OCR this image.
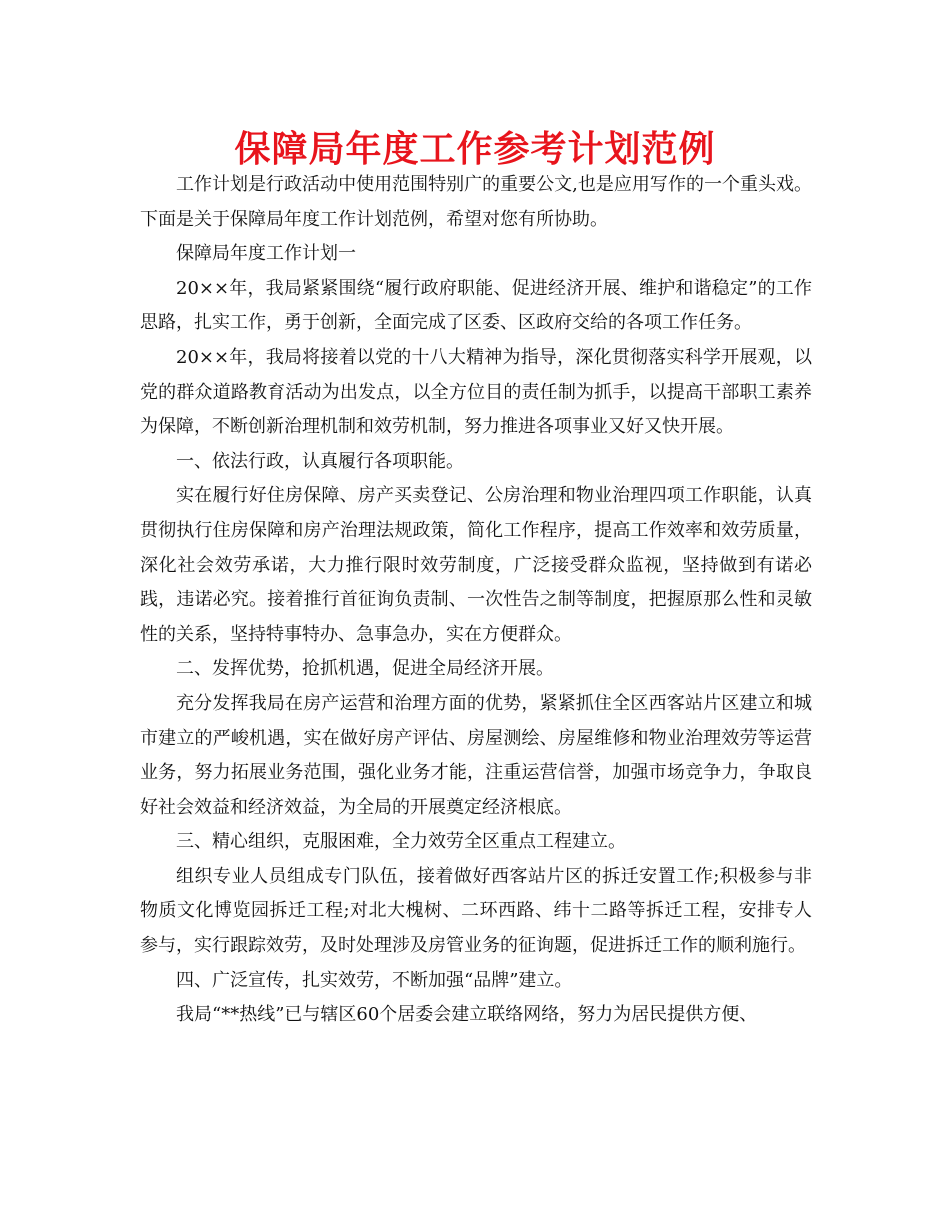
保障局年度工作参考计划范例

工作计划是行政活动中使用范围特别广的重要公文,也是应用写作的一个重头戏。下面是关于保障局年度工作计划范例，希望对您有所协助。

保障局年度工作计划一

20××年，我局紧紧围绕“履行政府职能、促进经济开展、维护和谐稳定”的工作思路，扎实工作，勇于创新，全面完成了区委、区政府交给的各项工作任务。

20××年，我局将接着以党的十八大精神为指导，深化贯彻落实科学开展观，以党的群众道路教育活动为出发点，以全方位目的责任制为抓手，以提高干部职工素养为保障，不断创新治理机制和效劳机制，努力推进各项事业又好又快开展。

一、依法行政，认真履行各项职能。

实在履行好住房保障、房产买卖登记、公房治理和物业治理四项工作职能，认真贯彻执行住房保障和房产治理法规政策，简化工作程序，提高工作效率和效劳质量，深化社会效劳承诺，大力推行限时效劳制度，广泛接受群众监视，坚持做到有诺必践，违诺必究。接着推行首征询负责制、一次性告之制等制度，把握原那么性和灵敏性的关系，坚持特事特办、急事急办，实在方便群众。

二、发挥优势，抢抓机遇，促进全局经济开展。

充分发挥我局在房产运营和治理方面的优势，紧紧抓住全区西客站片区建立和城市建立的严峻机遇，实在做好房产评估、房屋测绘、房屋维修和物业治理效劳等运营业务，努力拓展业务范围，强化业务才能，注重运营信誉，加强市场竞争力，争取良好社会效益和经济效益，为全局的开展奠定经济根底。

三、精心组织，克服困难，全力效劳全区重点工程建立。

组织专业人员组成专门队伍，接着做好西客站片区的拆迁安置工作;积极参与非物质文化博览园拆迁工程;对北大槐树、二环西路、纬十二路等拆迁工程，安排专人参与，实行跟踪效劳，及时处理涉及房管业务的征询题，促进拆迁工作的顺利施行。

四、广泛宣传，扎实效劳，不断加强“品牌”建立。

我局“**热线”已与辖区60个居委会建立联络网络，努力为居民提供方便、
